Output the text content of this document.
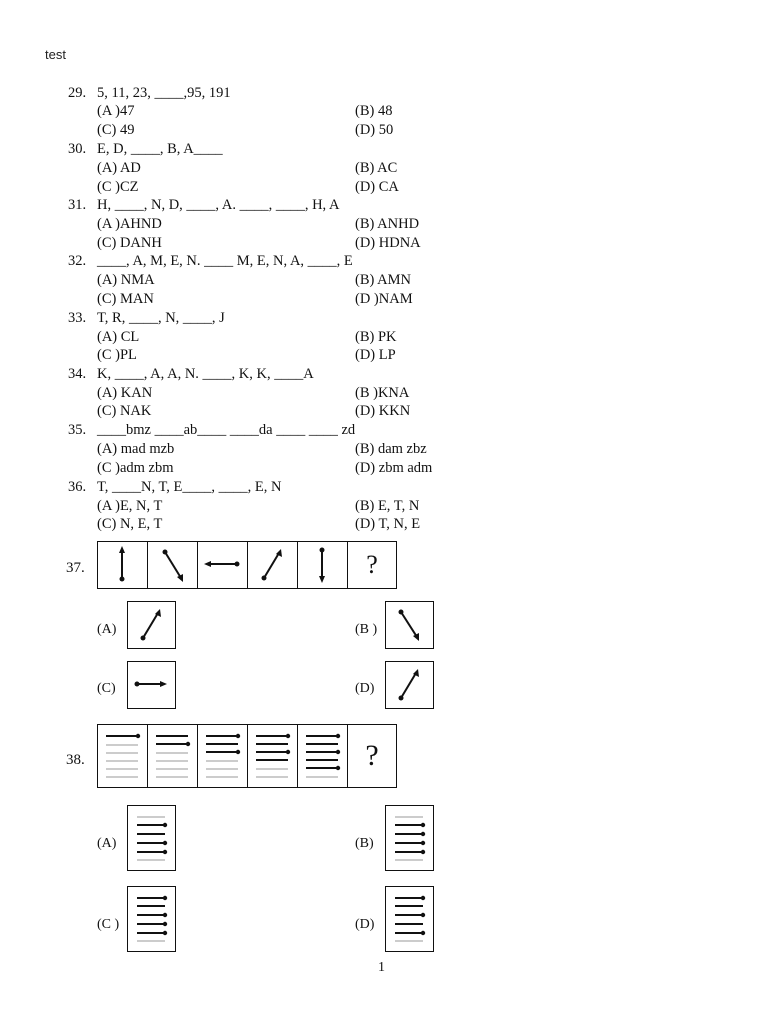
test
29. 5, 11, 23, ____,95, 191
(A )47	(B) 48
(C) 49	(D) 50
30. E, D, ____, B, A____
(A) AD	(B) AC
(C )CZ	(D) CA
31. H, ____, N, D, ____, A. ____, ____, H, A
(A )AHND	(B) ANHD
(C) DANH	(D) HDNA
32. ____, A, M, E, N. ____ M, E, N, A, ____, E
(A) NMA	(B) AMN
(C) MAN	(D )NAM
33. T, R, ____, N, ____, J
(A) CL	(B) PK
(C )PL	(D) LP
34. K, ____, A, A, N. ____, K, K, ____A
(A) KAN	(B )KNA
(C) NAK	(D) KKN
35. ____bmz ____ab____ ____da ____ ____ zd
(A) mad mzb	(B) dam zbz
(C )adm zbm	(D) zbm adm
36. T, ____N, T, E____, ____, E, N
(A )E, N, T	(B) E, T, N
(C) N, E, T	(D) T, N, E
37.	?
(A)	(B )
(C)	(D)
38.	?
(A)	(B)
(C )	(D)
1
